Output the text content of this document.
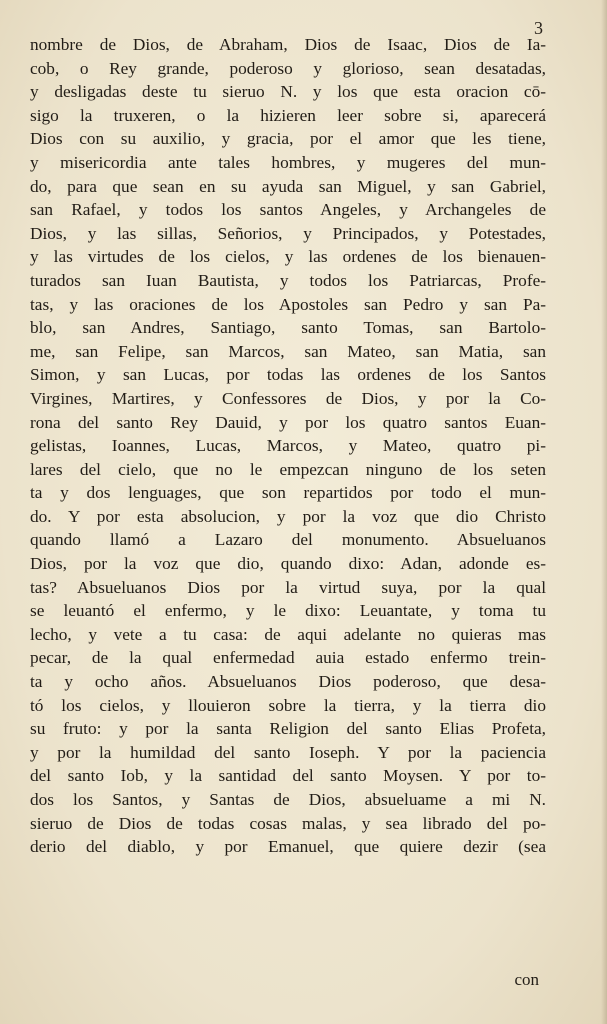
3
nombre de Dios, de Abraham, Dios de Isaac, Dios de Ia-
cob, o Rey grande, poderoso y glorioso, sean desatadas,
y desligadas deste tu sieruo N. y los que esta oracion cō-
sigo la truxeren, o la hizieren leer sobre si, aparecerá
Dios con su auxilio, y gracia, por el amor que les tiene,
y misericordia ante tales hombres, y mugeres del mun-
do, para que sean en su ayuda san Miguel, y san Gabriel,
san Rafael, y todos los santos Angeles, y Archangeles de
Dios, y las sillas, Señorios, y Principados, y Potestades,
y las virtudes de los cielos, y las ordenes de los bienauen-
turados san Iuan Bautista, y todos los Patriarcas, Profe-
tas, y las oraciones de los Apostoles san Pedro y san Pa-
blo, san Andres, Santiago, santo Tomas, san Bartolo-
me, san Felipe, san Marcos, san Mateo, san Matia, san
Simon, y san Lucas, por todas las ordenes de los Santos
Virgines, Martires, y Confessores de Dios, y por la Co-
rona del santo Rey Dauid, y por los quatro santos Euan-
gelistas, Ioannes, Lucas, Marcos, y Mateo, quatro pi-
lares del cielo, que no le empezcan ninguno de los seten
ta y dos lenguages, que son repartidos por todo el mun-
do. Y por esta absolucion, y por la voz que dio Christo
quando llamó a Lazaro del monumento. Absueluanos
Dios, por la voz que dio, quando dixo: Adan, adonde es-
tas? Absueluanos Dios por la virtud suya, por la qual
se leuantó el enfermo, y le dixo: Leuantate, y toma tu
lecho, y vete a tu casa: de aqui adelante no quieras mas
pecar, de la qual enfermedad auia estado enfermo trein-
ta y ocho años. Absueluanos Dios poderoso, que desa-
tó los cielos, y llouieron sobre la tierra, y la tierra dio
su fruto: y por la santa Religion del santo Elias Profeta,
y por la humildad del santo Ioseph. Y por la paciencia
del santo Iob, y la santidad del santo Moysen. Y por to-
dos los Santos, y Santas de Dios, absueluame a mi N.
sieruo de Dios de todas cosas malas, y sea librado del po-
derio del diablo, y por Emanuel, que quiere dezir (sea
con
